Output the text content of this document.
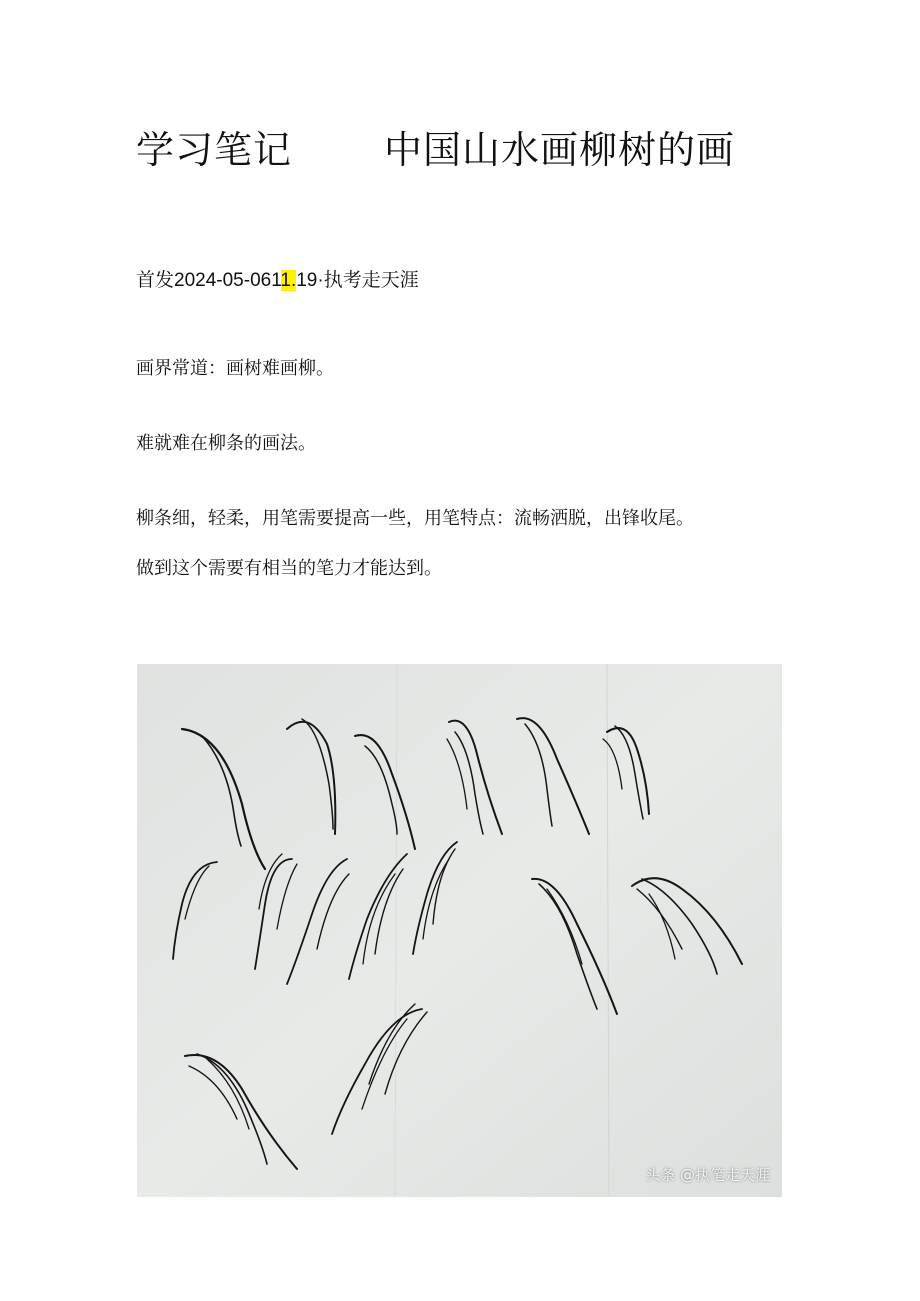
学习笔记 中国山水画柳树的画
首发2024-05-0611.19·执考走天涯
画界常道：画树难画柳。
难就难在柳条的画法。
柳条细，轻柔，用笔需要提高一些，用笔特点：流畅洒脱，出锋收尾。
做到这个需要有相当的笔力才能达到。
头条 @执笔走天涯
